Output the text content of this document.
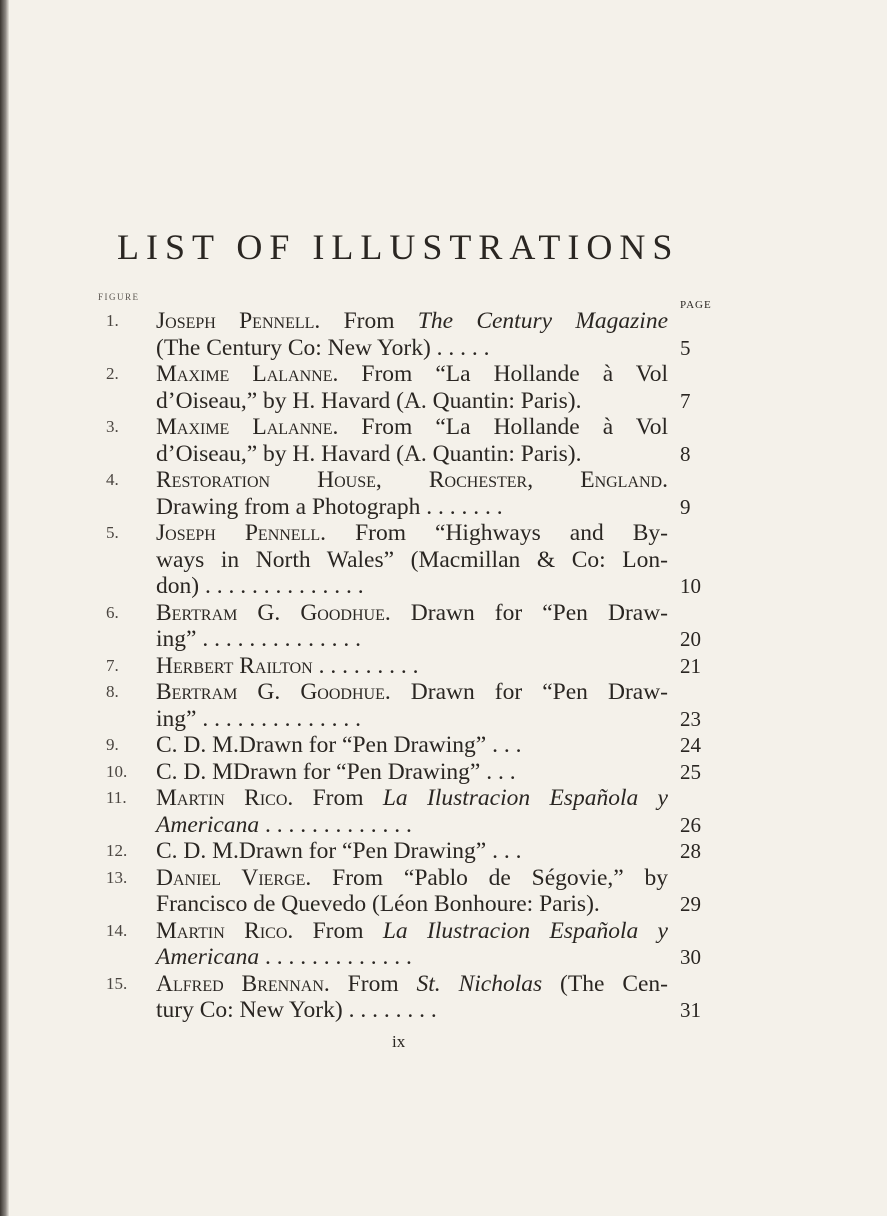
LIST OF ILLUSTRATIONS
FIGURE
PAGE
1.	Joseph Pennell. From The Century Magazine
(The Century Co: New York) . . . . .	5
2.	Maxime Lalanne. From “La Hollande à Vol
d’Oiseau,” by H. Havard (A. Quantin: Paris).	7
3.	Maxime Lalanne. From “La Hollande à Vol
d’Oiseau,” by H. Havard (A. Quantin: Paris).	8
4.	Restoration House, Rochester, England.
Drawing from a Photograph . . . . . . .	9
5.	Joseph Pennell. From “Highways and By-
ways in North Wales” (Macmillan & Co: Lon-
don) . . . . . . . . . . . . . .	10
6.	Bertram G. Goodhue. Drawn for “Pen Draw-
ing” . . . . . . . . . . . . . .	20
7.	Herbert Railton . . . . . . . . .	21
8.	Bertram G. Goodhue. Drawn for “Pen Draw-
ing” . . . . . . . . . . . . . .	23
9.	C. D. M.Drawn for “Pen Drawing” . . .	24
10.	C. D. MDrawn for “Pen Drawing” . . .	25
11.	Martin Rico. From La Ilustracion Española y
Americana . . . . . . . . . . . . .	26
12.	C. D. M.Drawn for “Pen Drawing” . . .	28
13.	Daniel Vierge. From “Pablo de Ségovie,” by
Francisco de Quevedo (Léon Bonhoure: Paris).	29
14.	Martin Rico. From La Ilustracion Española y
Americana . . . . . . . . . . . . .	30
15.	Alfred Brennan. From St. Nicholas (The Cen-
tury Co: New York) . . . . . . . .	31
ix
